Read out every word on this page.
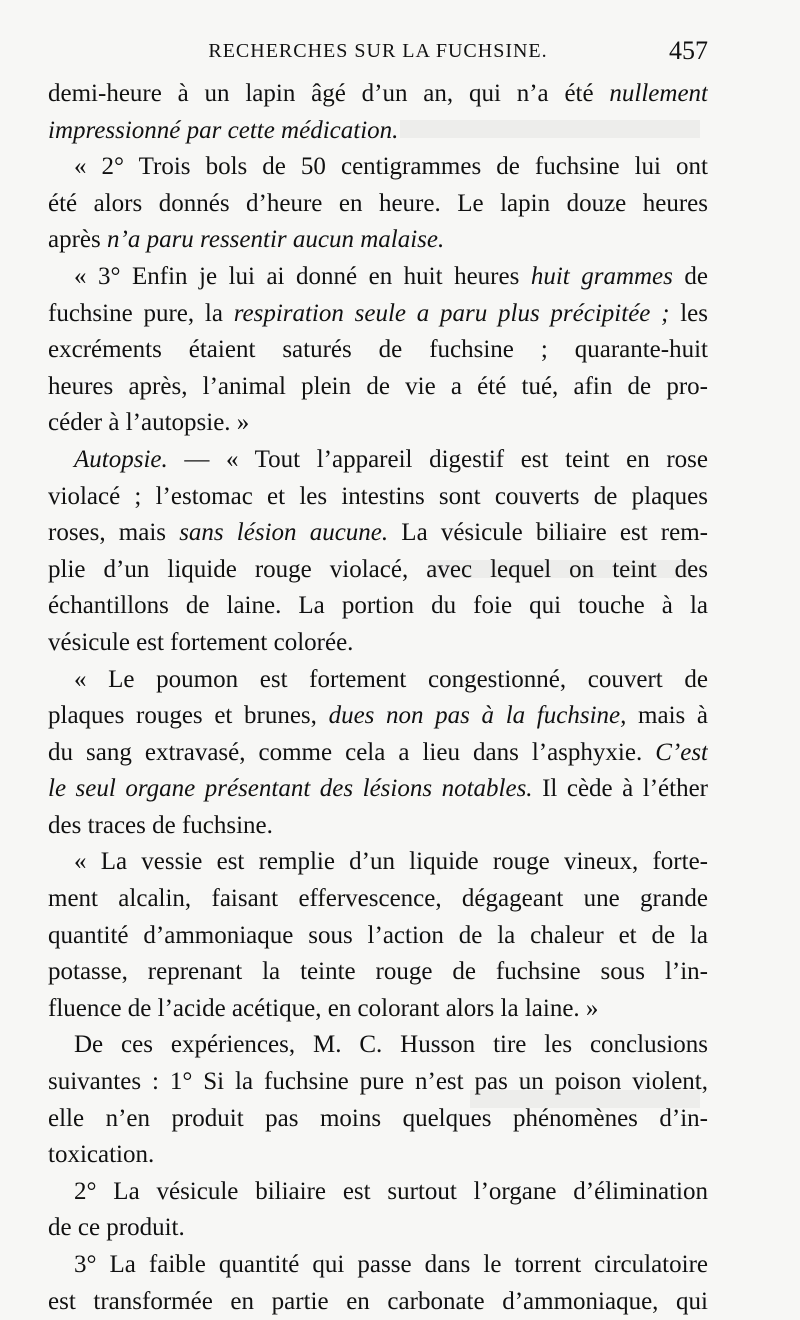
RECHERCHES SUR LA FUCHSINE.	457
demi-heure à un lapin âgé d’un an, qui n’a été nullement
impressionné par cette médication.
« 2° Trois bols de 50 centigrammes de fuchsine lui ont
été alors donnés d’heure en heure. Le lapin douze heures
après n’a paru ressentir aucun malaise.
« 3° Enfin je lui ai donné en huit heures huit grammes de
fuchsine pure, la respiration seule a paru plus précipitée ; les
excréments étaient saturés de fuchsine ; quarante-huit
heures après, l’animal plein de vie a été tué, afin de pro-
céder à l’autopsie. »
Autopsie. — « Tout l’appareil digestif est teint en rose
violacé ; l’estomac et les intestins sont couverts de plaques
roses, mais sans lésion aucune. La vésicule biliaire est rem-
plie d’un liquide rouge violacé, avec lequel on teint des
échantillons de laine. La portion du foie qui touche à la
vésicule est fortement colorée.
« Le poumon est fortement congestionné, couvert de
plaques rouges et brunes, dues non pas à la fuchsine, mais à
du sang extravasé, comme cela a lieu dans l’asphyxie. C’est
le seul organe présentant des lésions notables. Il cède à l’éther
des traces de fuchsine.
« La vessie est remplie d’un liquide rouge vineux, forte-
ment alcalin, faisant effervescence, dégageant une grande
quantité d’ammoniaque sous l’action de la chaleur et de la
potasse, reprenant la teinte rouge de fuchsine sous l’in-
fluence de l’acide acétique, en colorant alors la laine. »
De ces expériences, M. C. Husson tire les conclusions
suivantes : 1° Si la fuchsine pure n’est pas un poison violent,
elle n’en produit pas moins quelques phénomènes d’in-
toxication.
2° La vésicule biliaire est surtout l’organe d’élimination
de ce produit.
3° La faible quantité qui passe dans le torrent circulatoire
est transformée en partie en carbonate d’ammoniaque, qui
